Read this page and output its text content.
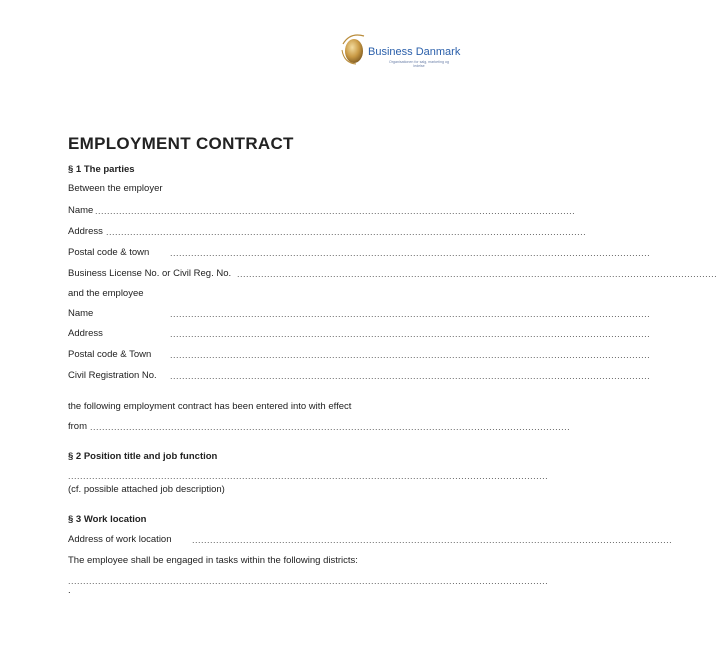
Business Danmark
Organisationen for salg, marketing og ledelse
EMPLOYMENT CONTRACT
§ 1 The parties
Between the employer
Name ................................................................................................................................................................
Address ................................................................................................................................................................
Postal code & town ................................................................................................................................................................
Business License No. or Civil Reg. No. ................................................................................................................................................................
and the employee
Name	................................................................................................................................................................
Address	................................................................................................................................................................
Postal code & Town ................................................................................................................................................................
Civil Registration No. ................................................................................................................................................................
the following employment contract has been entered into with effect
from ................................................................................................................................................................
§ 2 Position title and job function
................................................................................................................................................................
(cf. possible attached job description)
§ 3 Work location
Address of work location ................................................................................................................................................................
The employee shall be engaged in tasks within the following districts:
................................................................................................................................................................
.
